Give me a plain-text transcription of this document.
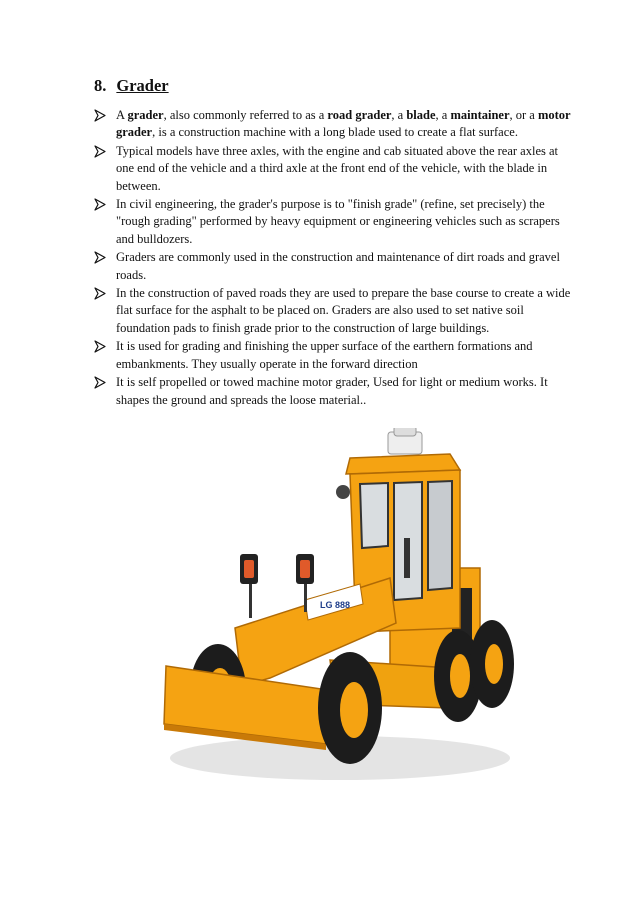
8. Grader
A grader, also commonly referred to as a road grader, a blade, a maintainer, or a motor grader, is a construction machine with a long blade used to create a flat surface.
Typical models have three axles, with the engine and cab situated above the rear axles at one end of the vehicle and a third axle at the front end of the vehicle, with the blade in between.
In civil engineering, the grader's purpose is to "finish grade" (refine, set precisely) the "rough grading" performed by heavy equipment or engineering vehicles such as scrapers and bulldozers.
Graders are commonly used in the construction and maintenance of dirt roads and gravel roads.
In the construction of paved roads they are used to prepare the base course to create a wide flat surface for the asphalt to be placed on. Graders are also used to set native soil foundation pads to finish grade prior to the construction of large buildings.
It is used for grading and finishing the upper surface of the earthern formations and embankments. They usually operate in the forward direction
It is self propelled or towed machine motor grader, Used for light or medium works. It shapes the ground and spreads the loose material..
LG 888
